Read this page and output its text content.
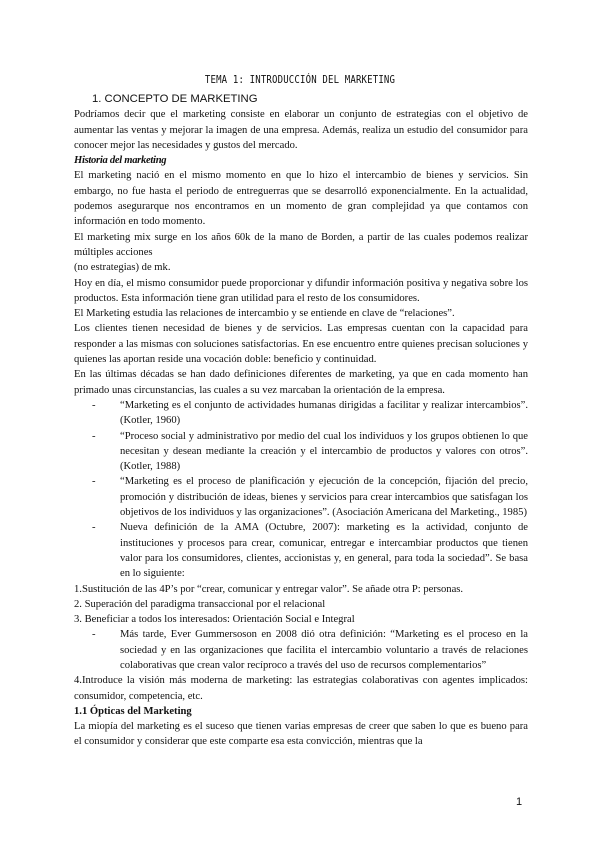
TEMA 1: INTRODUCCIÓN DEL MARKETING

1. CONCEPTO DE MARKETING

Podríamos decir que el marketing consiste en elaborar un conjunto de estrategias con el objetivo de aumentar las ventas y mejorar la imagen de una empresa. Además, realiza un estudio del consumidor para conocer mejor las necesidades y gustos del mercado.

Historia del marketing

El marketing nació en el mismo momento en que lo hizo el intercambio de bienes y servicios. Sin embargo, no fue hasta el periodo de entreguerras que se desarrolló exponencialmente. En la actualidad, podemos asegurarque nos encontramos en un momento de gran complejidad ya que contamos con información en todo momento.

El marketing mix surge en los años 60k de la mano de Borden, a partir de las cuales podemos realizar múltiples acciones

(no estrategias) de mk.

Hoy en día, el mismo consumidor puede proporcionar y difundir información positiva y negativa sobre los productos. Esta información tiene gran utilidad para el resto de los consumidores.

El Marketing estudia las relaciones de intercambio y se entiende en clave de “relaciones”.

Los clientes tienen necesidad de bienes y de servicios. Las empresas cuentan con la capacidad para responder a las mismas con soluciones satisfactorias. En ese encuentro entre quienes precisan soluciones y quienes las aportan reside una vocación doble: beneficio y continuidad.

En las últimas décadas se han dado definiciones diferentes de marketing, ya que en cada momento han primado unas circunstancias, las cuales a su vez marcaban la orientación de la empresa.

- “Marketing es el conjunto de actividades humanas dirigidas a facilitar y realizar intercambios”. (Kotler, 1960)
- “Proceso social y administrativo por medio del cual los individuos y los grupos obtienen lo que necesitan y desean mediante la creación y el intercambio de productos y valores con otros”. (Kotler, 1988)
- “Marketing es el proceso de planificación y ejecución de la concepción, fijación del precio, promoción y distribución de ideas, bienes y servicios para crear intercambios que satisfagan los objetivos de los individuos y las organizaciones”. (Asociación Americana del Marketing., 1985)
- Nueva definición de la AMA (Octubre, 2007): marketing es la actividad, conjunto de instituciones y procesos para crear, comunicar, entregar e intercambiar productos que tienen valor para los consumidores, clientes, accionistas y, en general, para toda la sociedad”. Se basa en lo siguiente:

1.Sustitución de las 4P’s por “crear, comunicar y entregar valor”. Se añade otra P: personas.

2. Superación del paradigma transaccional por el relacional

3. Beneficiar a todos los interesados: Orientación Social e Integral

- Más tarde, Ever Gummersoson en 2008 dió otra definición: “Marketing es el proceso en la sociedad y en las organizaciones que facilita el intercambio voluntario a través de relaciones colaborativas que crean valor recíproco a través del uso de recursos complementarios”

4.Introduce la visión más moderna de marketing: las estrategias colaborativas con agentes implicados: consumidor, competencia, etc.

1.1 Ópticas del Marketing

La miopía del marketing es el suceso que tienen varias empresas de creer que saben lo que es bueno para el consumidor y considerar que este comparte esa esta convicción, mientras que la

1
